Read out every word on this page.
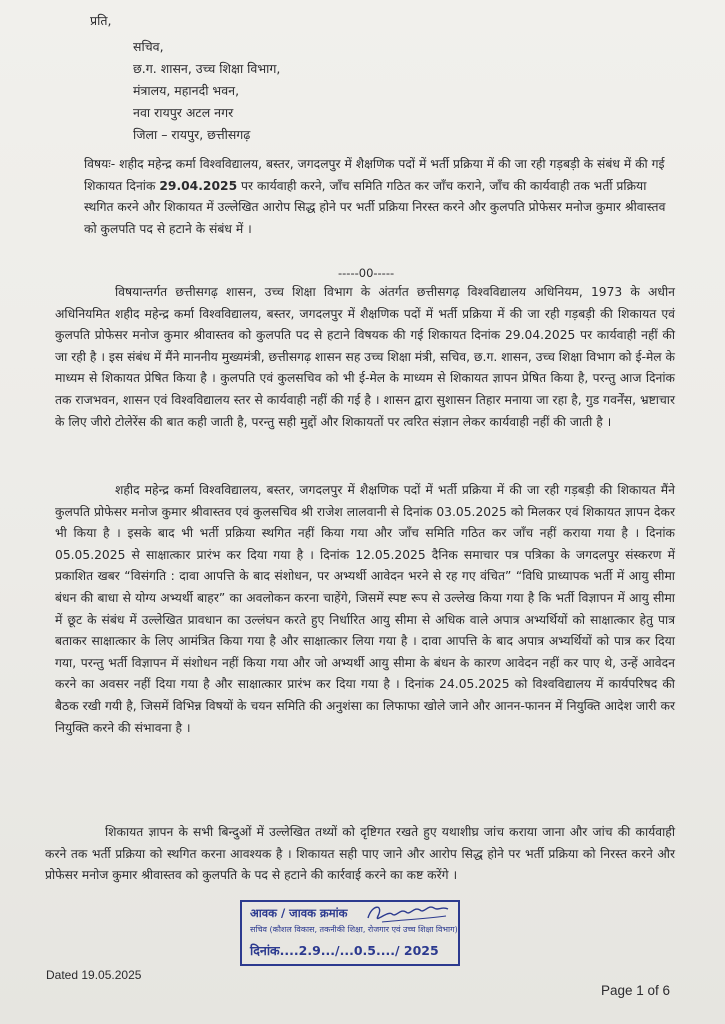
प्रति,
सचिव,
छ.ग. शासन, उच्च शिक्षा विभाग,
मंत्रालय, महानदी भवन,
नवा रायपुर अटल नगर
जिला – रायपुर, छत्तीसगढ़
विषयः- शहीद महेन्द्र कर्मा विश्वविद्यालय, बस्तर, जगदलपुर में शैक्षणिक पदों में भर्ती प्रक्रिया में की जा रही गड़बड़ी के संबंध में की गई शिकायत दिनांक 29.04.2025 पर कार्यवाही करने, जाँच समिति गठित कर जाँच कराने, जाँच की कार्यवाही तक भर्ती प्रक्रिया स्थगित करने और शिकायत में उल्लेखित आरोप सिद्ध होने पर भर्ती प्रक्रिया निरस्त करने और कुलपति प्रोफेसर मनोज कुमार श्रीवास्तव को कुलपति पद से हटाने के संबंध में ।
-----00-----

विषयान्तर्गत छत्तीसगढ़ शासन, उच्च शिक्षा विभाग के अंतर्गत छत्तीसगढ़ विश्वविद्यालय अधिनियम, 1973 के अधीन अधिनियमित शहीद महेन्द्र कर्मा विश्वविद्यालय, बस्तर, जगदलपुर में शैक्षणिक पदों में भर्ती प्रक्रिया में की जा रही गड़बड़ी की शिकायत एवं कुलपति प्रोफेसर मनोज कुमार श्रीवास्तव को कुलपति पद से हटाने विषयक की गई शिकायत दिनांक 29.04.2025 पर कार्यवाही नहीं की जा रही है । इस संबंध में मैंने माननीय मुख्यमंत्री, छत्तीसगढ़ शासन सह उच्च शिक्षा मंत्री, सचिव, छ.ग. शासन, उच्च शिक्षा विभाग को ई-मेल के माध्यम से शिकायत प्रेषित किया है । कुलपति एवं कुलसचिव को भी ई-मेल के माध्यम से शिकायत ज्ञापन प्रेषित किया है, परन्तु आज दिनांक तक राजभवन, शासन एवं विश्वविद्यालय स्तर से कार्यवाही नहीं की गई है । शासन द्वारा सुशासन तिहार मनाया जा रहा है, गुड गवर्नेंस, भ्रष्टाचार के लिए जीरो टोलेरेंस की बात कही जाती है, परन्तु सही मुद्दों और शिकायतों पर त्वरित संज्ञान लेकर कार्यवाही नहीं की जाती है ।

शहीद महेन्द्र कर्मा विश्वविद्यालय, बस्तर, जगदलपुर में शैक्षणिक पदों में भर्ती प्रक्रिया में की जा रही गड़बड़ी की शिकायत मैंने कुलपति प्रोफेसर मनोज कुमार श्रीवास्तव एवं कुलसचिव श्री राजेश लालवानी से दिनांक 03.05.2025 को मिलकर एवं शिकायत ज्ञापन देकर भी किया है । इसके बाद भी भर्ती प्रक्रिया स्थगित नहीं किया गया और जाँच समिति गठित कर जाँच नहीं कराया गया है । दिनांक 05.05.2025 से साक्षात्कार प्रारंभ कर दिया गया है । दिनांक 12.05.2025 दैनिक समाचार पत्र पत्रिका के जगदलपुर संस्करण में प्रकाशित खबर “विसंगति : दावा आपत्ति के बाद संशोधन, पर अभ्यर्थी आवेदन भरने से रह गए वंचित” “विधि प्राध्यापक भर्ती में आयु सीमा बंधन की बाधा से योग्य अभ्यर्थी बाहर” का अवलोकन करना चाहेंगे, जिसमें स्पष्ट रूप से उल्लेख किया गया है कि भर्ती विज्ञापन में आयु सीमा में छूट के संबंध में उल्लेखित प्रावधान का उल्लंघन करते हुए निर्धारित आयु सीमा से अधिक वाले अपात्र अभ्यर्थियों को साक्षात्कार हेतु पात्र बताकर साक्षात्कार के लिए आमंत्रित किया गया है और साक्षात्कार लिया गया है । दावा आपत्ति के बाद अपात्र अभ्यर्थियों को पात्र कर दिया गया, परन्तु भर्ती विज्ञापन में संशोधन नहीं किया गया और जो अभ्यर्थी आयु सीमा के बंधन के कारण आवेदन नहीं कर पाए थे, उन्हें आवेदन करने का अवसर नहीं दिया गया है और साक्षात्कार प्रारंभ कर दिया गया है । दिनांक 24.05.2025 को विश्वविद्यालय में कार्यपरिषद की बैठक रखी गयी है, जिसमें विभिन्न विषयों के चयन समिति की अनुशंसा का लिफाफा खोले जाने और आनन-फानन में नियुक्ति आदेश जारी कर नियुक्ति करने की संभावना है ।

शिकायत ज्ञापन के सभी बिन्दुओं में उल्लेखित तथ्यों को दृष्टिगत रखते हुए यथाशीघ्र जांच कराया जाना और जांच की कार्यवाही करने तक भर्ती प्रक्रिया को स्थगित करना आवश्यक है । शिकायत सही पाए जाने और आरोप सिद्ध होने पर भर्ती प्रक्रिया को निरस्त करने और प्रोफेसर मनोज कुमार श्रीवास्तव को कुलपति के पद से हटाने की कार्रवाई करने का कष्ट करेंगे ।

आवक / जावक क्रमांक
सचिव (कौशल विकास, तकनीकी शिक्षा, रोजगार एवं उच्च शिक्षा विभाग)
दिनांक....2.9.../...0.5..../ 2025
Dated 19.05.2025
Page 1 of 6
